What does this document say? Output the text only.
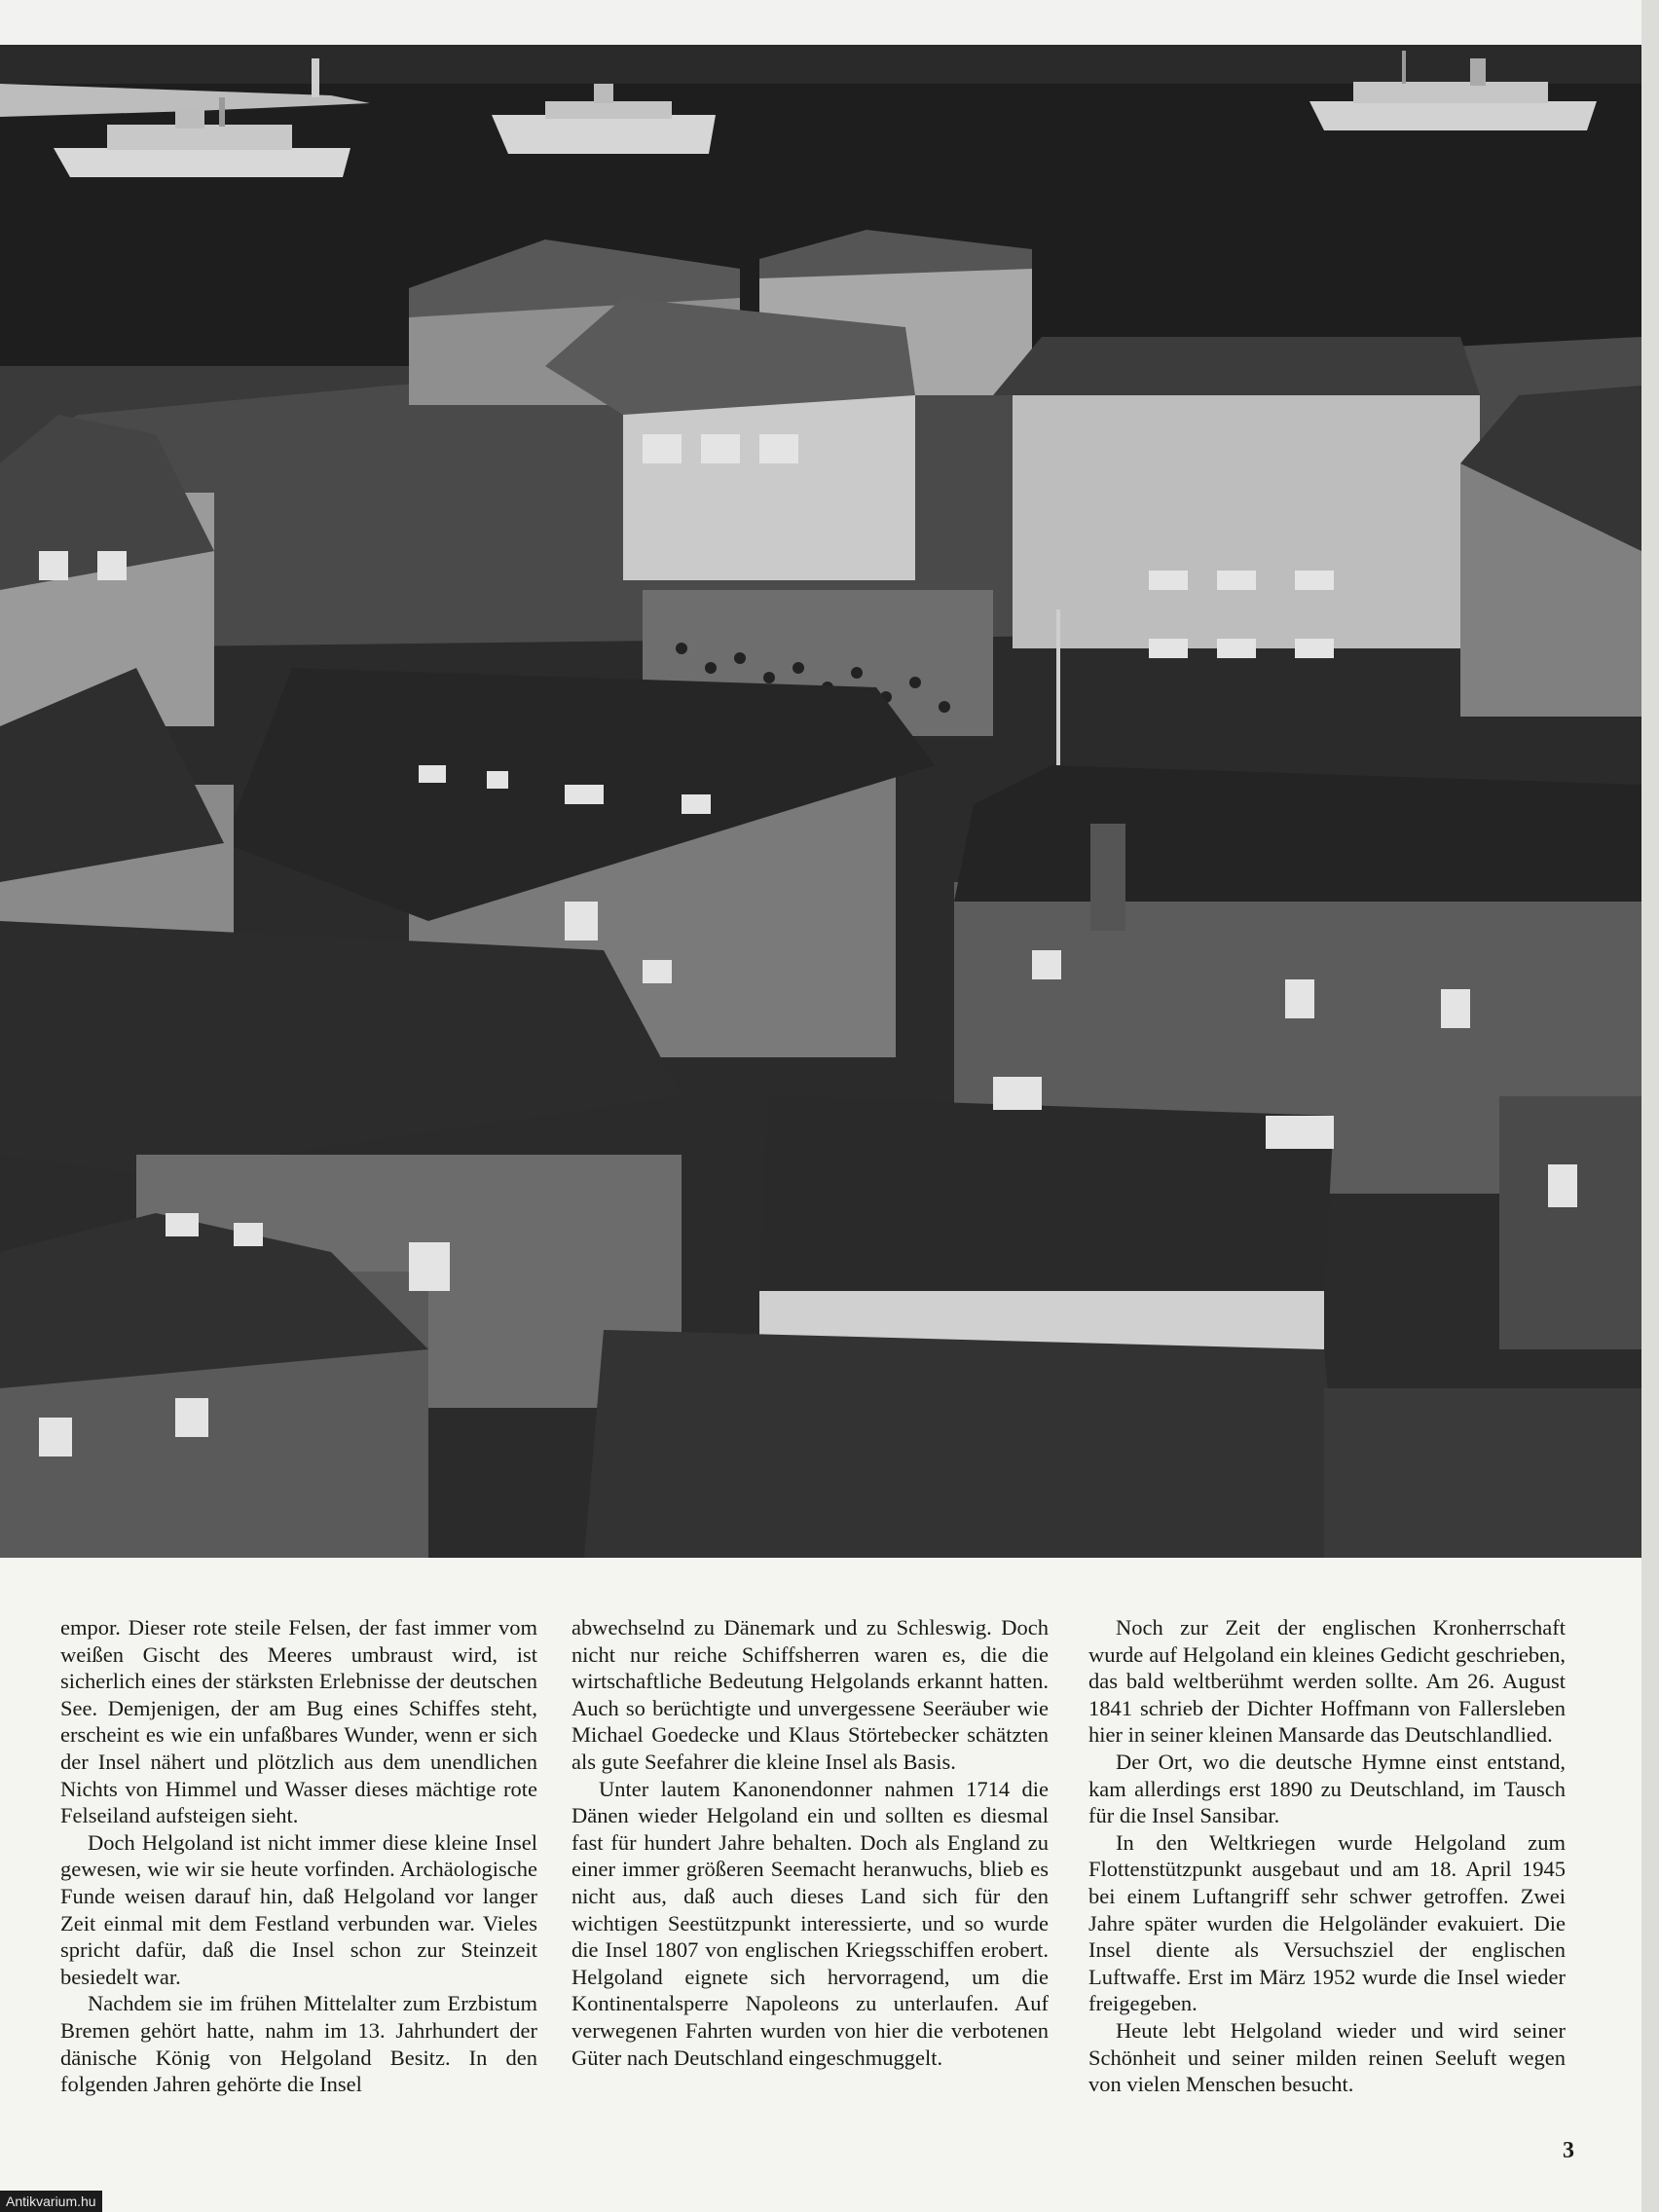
empor. Dieser rote steile Felsen, der fast immer vom weißen Gischt des Meeres umbraust wird, ist sicherlich eines der stärksten Erlebnisse der deutschen See. Demjenigen, der am Bug eines Schiffes steht, erscheint es wie ein unfaßbares Wunder, wenn er sich der Insel nähert und plötzlich aus dem unendlichen Nichts von Himmel und Wasser dieses mächtige rote Felseiland aufsteigen sieht.

Doch Helgoland ist nicht immer diese kleine Insel gewesen, wie wir sie heute vorfinden. Archäologische Funde weisen darauf hin, daß Helgoland vor langer Zeit einmal mit dem Festland verbunden war. Vieles spricht dafür, daß die Insel schon zur Steinzeit besiedelt war.

Nachdem sie im frühen Mittelalter zum Erzbistum Bremen gehört hatte, nahm im 13. Jahrhundert der dänische König von Helgoland Besitz. In den folgenden Jahren gehörte die Insel

abwechselnd zu Dänemark und zu Schleswig. Doch nicht nur reiche Schiffsherren waren es, die die wirtschaftliche Bedeutung Helgolands erkannt hatten. Auch so berüchtigte und unvergessene Seeräuber wie Michael Goedecke und Klaus Störtebecker schätzten als gute Seefahrer die kleine Insel als Basis.

Unter lautem Kanonendonner nahmen 1714 die Dänen wieder Helgoland ein und sollten es diesmal fast für hundert Jahre behalten. Doch als England zu einer immer größeren Seemacht heranwuchs, blieb es nicht aus, daß auch dieses Land sich für den wichtigen Seestützpunkt interessierte, und so wurde die Insel 1807 von englischen Kriegsschiffen erobert. Helgoland eignete sich hervorragend, um die Kontinentalsperre Napoleons zu unterlaufen. Auf verwegenen Fahrten wurden von hier die verbotenen Güter nach Deutschland eingeschmuggelt.

Noch zur Zeit der englischen Kronherrschaft wurde auf Helgoland ein kleines Gedicht geschrieben, das bald weltberühmt werden sollte. Am 26. August 1841 schrieb der Dichter Hoffmann von Fallersleben hier in seiner kleinen Mansarde das Deutschlandlied.

Der Ort, wo die deutsche Hymne einst entstand, kam allerdings erst 1890 zu Deutschland, im Tausch für die Insel Sansibar.

In den Weltkriegen wurde Helgoland zum Flottenstützpunkt ausgebaut und am 18. April 1945 bei einem Luftangriff sehr schwer getroffen. Zwei Jahre später wurden die Helgoländer evakuiert. Die Insel diente als Versuchsziel der englischen Luftwaffe. Erst im März 1952 wurde die Insel wieder freigegeben.

Heute lebt Helgoland wieder und wird seiner Schönheit und seiner milden reinen Seeluft wegen von vielen Menschen besucht.

3
Antikvarium.hu
